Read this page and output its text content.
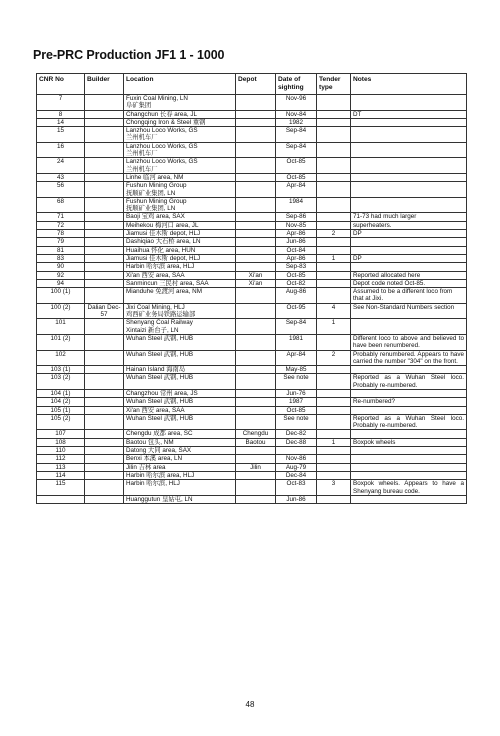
Pre-PRC Production JF1 1 - 1000
CNR No	Builder	Location	Depot	Date of sighting	Tender type	Notes
7		Fuxin Coal Mining, LN
阜矿集团		Nov-96		
8		Changchun 长春 area, JL		Nov-84		DT
14		Chongqing Iron & Steel 重钢		1982		
15		Lanzhou Loco Works, GS
兰州机车厂		Sep-84		
16		Lanzhou Loco Works, GS
兰州机车厂		Sep-84		
24		Lanzhou Loco Works, GS
兰州机车厂		Oct-85		
43		Linhe 临河 area, NM		Oct-85		
56		Fushun Mining Group
抚顺矿业集团, LN		Apr-84		
68		Fushun Mining Group
抚顺矿业集团, LN		1984		
71		Baoji 宝鸡 area, SAX		Sep-86		71-73 had much larger
72		Meihekou 梅河口 area, JL		Nov-85		superheaters.
78		Jiamusi 佳木斯 depot, HLJ		Apr-86	2	DP
79		Dashiqiao 大石桥 area, LN		Jun-86		
81		Huaihua 怀化 area, HUN		Oct-84		
83		Jiamusi 佳木斯 depot, HLJ		Apr-86	1	DP
90		Harbin 哈尔滨 area, HLJ		Sep-83		
92		Xi'an 西安 area, SAA	Xi'an	Oct-85		Reported allocated here
94		Sanmincun 三民村 area, SAA	Xi'an	Oct-82		Depot code noted Oct-85.
100 (1)		Mianduhe 免渡河 area, NM		Aug-86		Assumed to be a different loco from that at Jixi.
100 (2)	Dalian Dec-57	Jixi Coal Mining, HLJ
鸡西矿业务局铁路运输部		Oct-95	4	See Non-Standard Numbers section
101		Shenyang Coal Railway
Xintaizi 新台子, LN		Sep-84	1	
101 (2)		Wuhan Steel 武钢, HUB		1981		Different loco to above and believed to have been renumbered.
102		Wuhan Steel 武钢, HUB		Apr-84	2	Probably renumbered. Appears to have carried the number "304" on the front.
103 (1)		Hainan Island 海南岛		May-85		
103 (2)		Wuhan Steel 武钢, HUB		See note		Reported as a Wuhan Steel loco. Probably re-numbered.
104 (1)		Changzhou 常州 area, JS		Jun-76		
104 (2)		Wuhan Steel 武钢, HUB		1987		Re-numbered?
105 (1)		Xi'an 西安 area, SAA		Oct-85		
105 (2)		Wuhan Steel 武钢, HUB		See note		Reported as a Wuhan Steel loco. Probably re-numbered.
107		Chengdu 成都 area, SC	Chengdu	Dec-82		
108		Baotou 包头, NM	Baotou	Dec-88	1	Boxpok wheels
110		Datong 大同 area, SAX				

112		Benxi 本溪 area, LN		Nov-86		
113		Jilin 吉林 area	Jilin	Aug-79		
114		Harbin 哈尔滨 area, HLJ		Dec-84		
115		Harbin 哈尔滨, HLJ		Oct-83	3	Boxpok wheels. Appears to have a Shenyang bureau code.

		Huanggutun 皇姑屯, LN		Jun-86		
48
